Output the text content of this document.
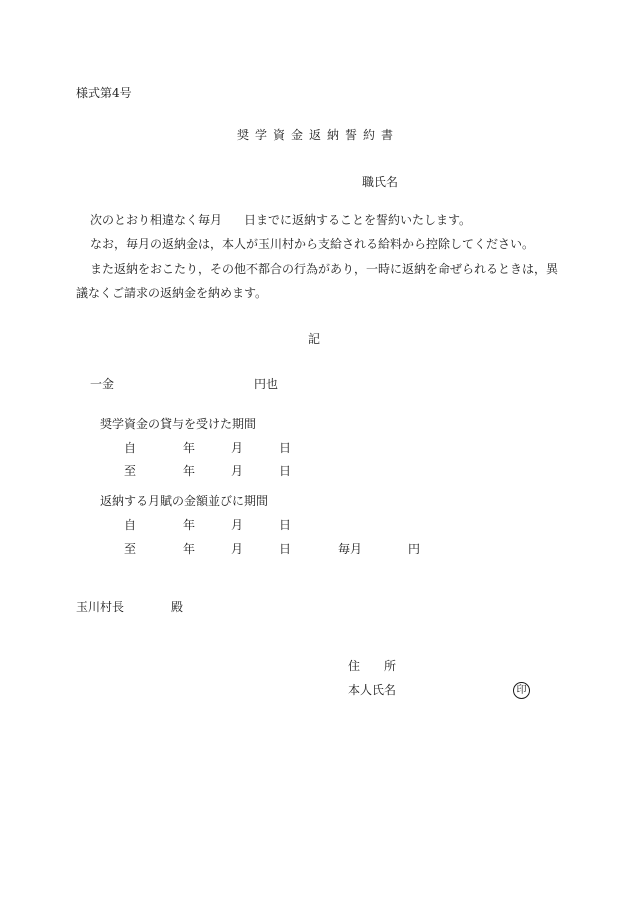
様式第4号
奨学資金返納誓約書
職氏名
次のとおり相違なく毎月 日までに返納することを誓約いたします。
なお，毎月の返納金は，本人が玉川村から支給される給料から控除してください。
また返納をおこたり，その他不都合の行為があり，一時に返納を命ぜられるときは，異
議なくご請求の返納金を納めます。
記
一金	円也
奨学資金の貸与を受けた期間
自	年	月	日
至	年	月	日
返納する月賦の金額並びに期間
自	年	月	日
至	年	月	日	毎月	円
玉川村長	殿
住　　所
本人氏名	印
